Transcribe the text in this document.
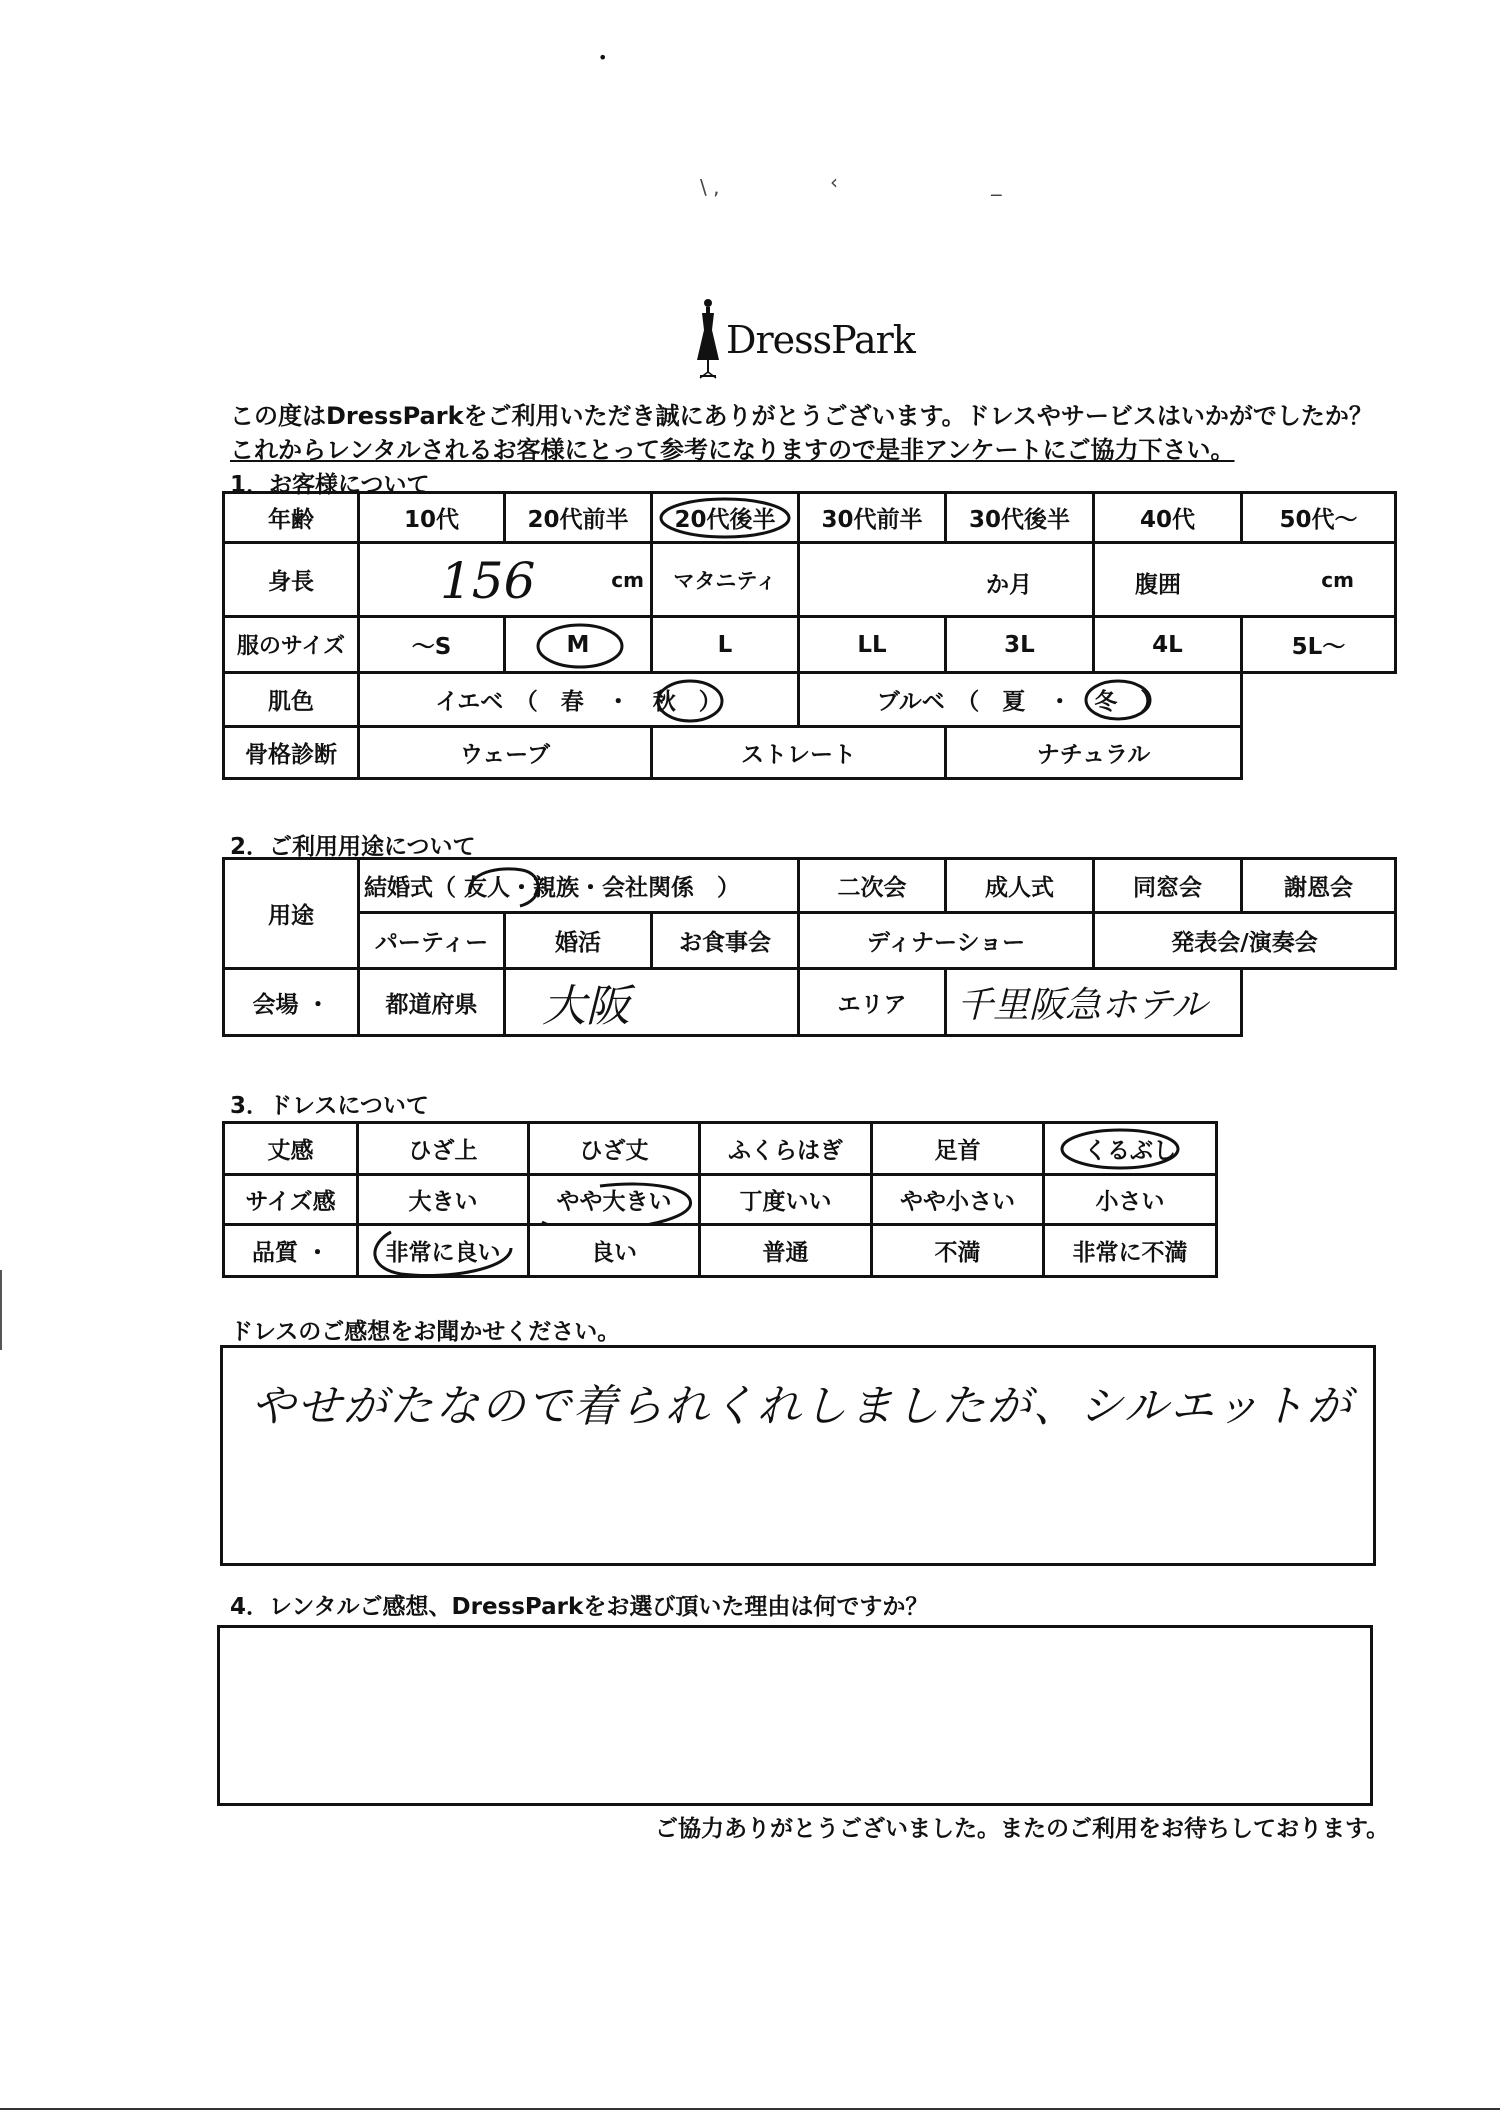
•
\ ,	‹	‒
DressPark
この度はDressParkをご利用いただき誠にありがとうございます。ドレスやサービスはいかがでしたか？
これからレンタルされるお客様にとって参考になりますので是非アンケートにご協力下さい。
1．お客様について
年齢	10代	20代前半	20代後半	30代前半	30代後半	40代	50代～
身長	156 cm		マタニティ	か月		腹囲 cm	

服のサイズ	～S	M	L	LL	3L	4L	5L～
肌色	イエベ　（　春　・　秋　）			ブルベ　（　夏　・　冬　）		

骨格診断	ウェーブ		ストレート		ナチュラル		
2．ご利用用途について
用途	結婚式（ 友人・親族・会社関係　）			二次会	成人式	同窓会	謝恩会
	パーティー	婚活	お食事会	ディナーショー		発表会/演奏会	
会場 ・	都道府県	大阪		エリア	千里阪急ホテル		
3．ドレスについて
丈感	ひざ上	ひざ丈	ふくらはぎ	足首	くるぶし

サイズ感	大きい	やや大きい	丁度いい	やや小さい	小さい
品質 ・	非常に良い	良い	普通	不満	非常に不満
ドレスのご感想をお聞かせください。
やせがたなので着られくれしましたが、シルエットが
4．レンタルご感想、DressParkをお選び頂いた理由は何ですか？
ご協力ありがとうございました。またのご利用をお待ちしております。
